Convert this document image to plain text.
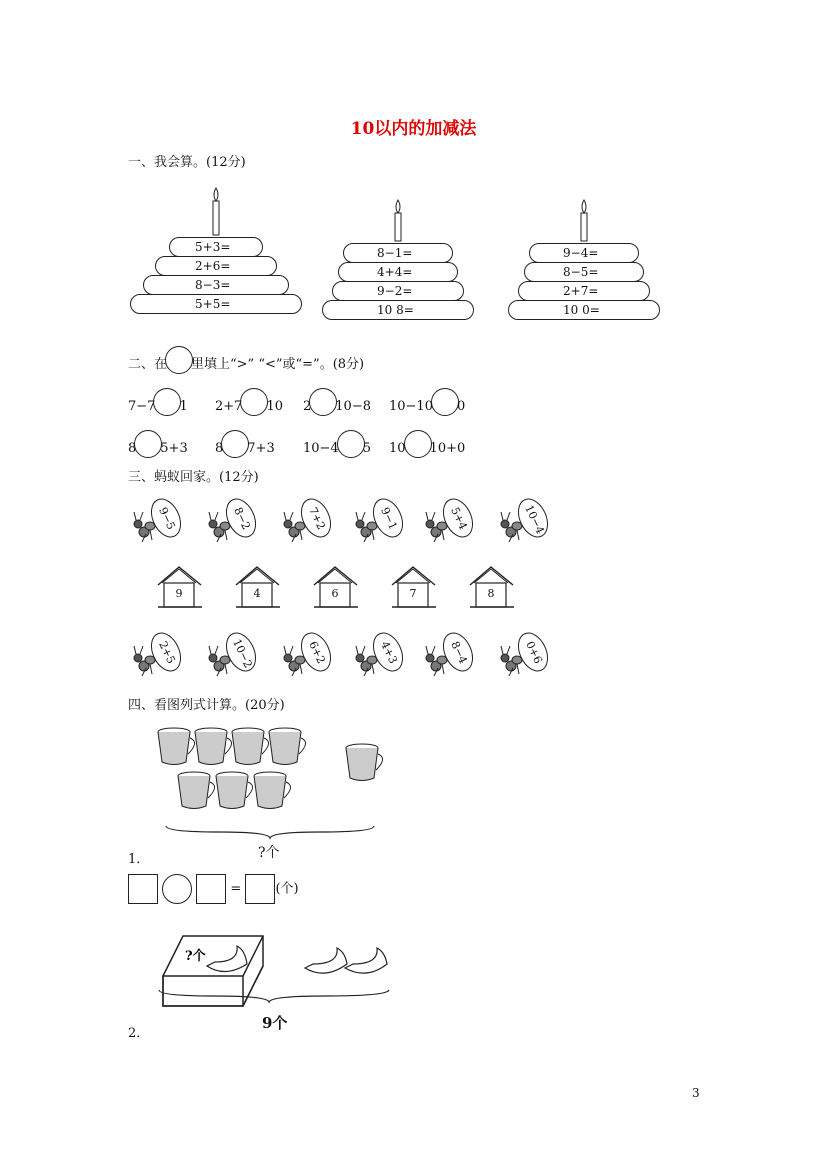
10以内的加减法
一、我会算。(12分)
5+3=
2+6=
8−3=
5+5=
8−1=
4+4=
9−2=
10 8=
9−4=
8−5=
2+7=
10 0=
二、在 里填上“>” “<”或“=”。(8分)
7−7 1 2+7 10 2 10−8 10−10 0
8 5+3 8 7+3 10−4 5 10 10+0
三、蚂蚁回家。(12分)
9−5	8−2	7+2	9−1	5+4	10−4
2+5	10−2	6+2	4+3	8−4	0+6
9	4	6	7	8
四、看图列式计算。(20分)
?个
1．
=	(个)
?个
9个
2．
3
